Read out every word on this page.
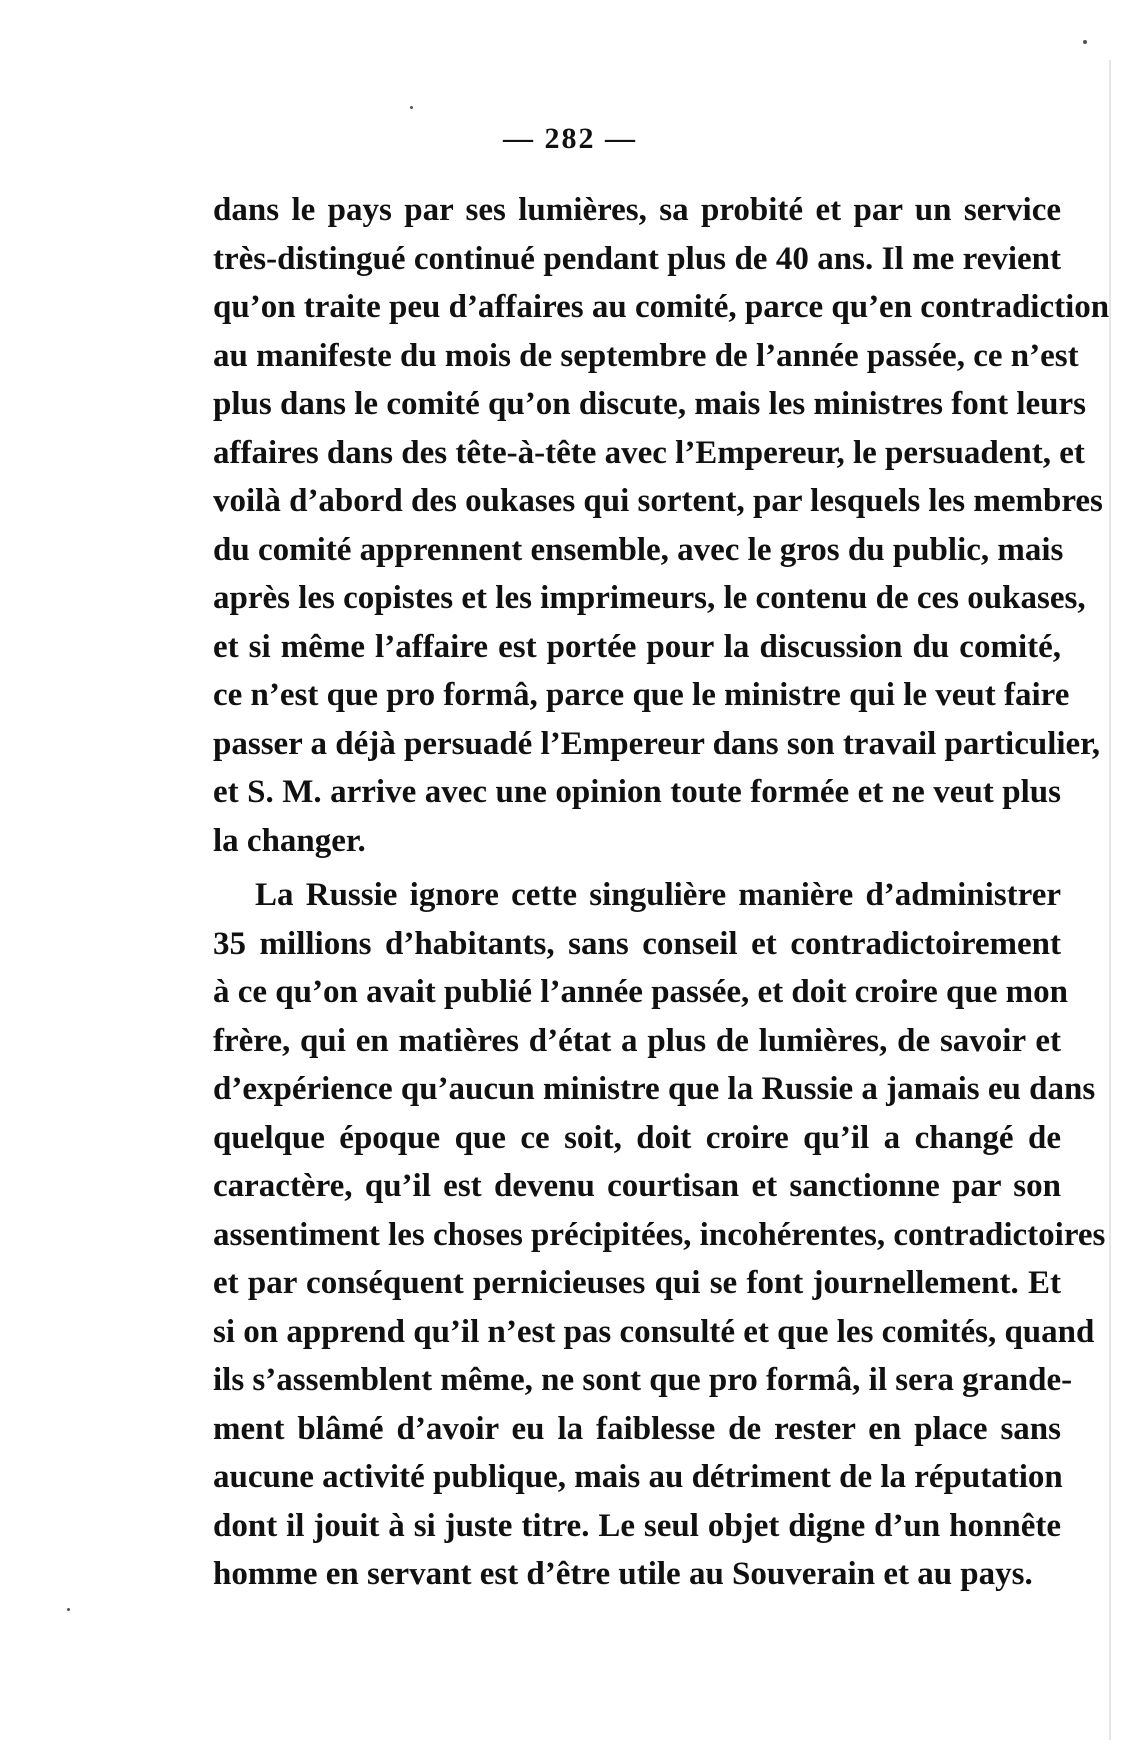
— 282 —
dans le pays par ses lumières, sa probité et par un service
très-distingué continué pendant plus de 40 ans. Il me revient
qu’on traite peu d’affaires au comité, parce qu’en contradiction
au manifeste du mois de septembre de l’année passée, ce n’est
plus dans le comité qu’on discute, mais les ministres font leurs
affaires dans des tête-à-tête avec l’Empereur, le persuadent, et
voilà d’abord des oukases qui sortent, par lesquels les membres
du comité apprennent ensemble, avec le gros du public, mais
après les copistes et les imprimeurs, le contenu de ces oukases,
et si même l’affaire est portée pour la discussion du comité,
ce n’est que pro formâ, parce que le ministre qui le veut faire
passer a déjà persuadé l’Empereur dans son travail particulier,
et S. M. arrive avec une opinion toute formée et ne veut plus
la changer.
La Russie ignore cette singulière manière d’administrer
35 millions d’habitants, sans conseil et contradictoirement
à ce qu’on avait publié l’année passée, et doit croire que mon
frère, qui en matières d’état a plus de lumières, de savoir et
d’expérience qu’aucun ministre que la Russie a jamais eu dans
quelque époque que ce soit, doit croire qu’il a changé de
caractère, qu’il est devenu courtisan et sanctionne par son
assentiment les choses précipitées, incohérentes, contradictoires
et par conséquent pernicieuses qui se font journellement. Et
si on apprend qu’il n’est pas consulté et que les comités, quand
ils s’assemblent même, ne sont que pro formâ, il sera grande-
ment blâmé d’avoir eu la faiblesse de rester en place sans
aucune activité publique, mais au détriment de la réputation
dont il jouit à si juste titre. Le seul objet digne d’un honnête
homme en servant est d’être utile au Souverain et au pays.
